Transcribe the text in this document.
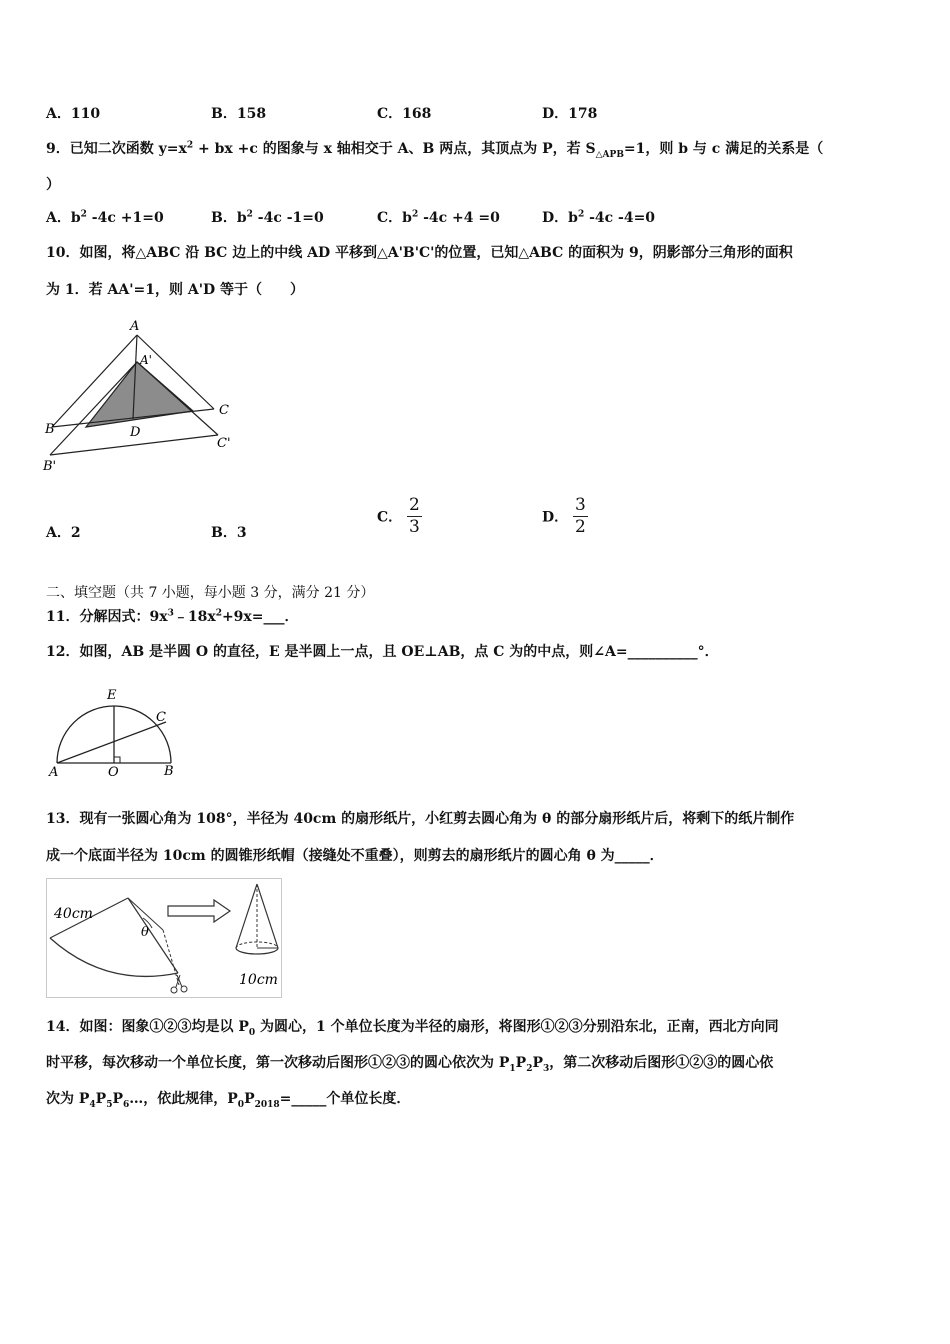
A．110	B．158	C．168	D．178
9．已知二次函数 $y=x^2$ + bx +c 的图象与 x 轴相交于 A、B 两点，其顶点为 P，若 $S_{\triangle APB}=1$，则 b 与 c 满足的关系是（
）
A．$b^2$ -4c +1=0	B．$b^2$ -4c -1=0	C．$b^2$ -4c +4 =0	D．$b^2$ -4c -4=0
10．如图，将△ABC 沿 BC 边上的中线 AD 平移到△A'B'C'的位置，已知△ABC 的面积为 9，阴影部分三角形的面积
为 1．若 AA'=1，则 A'D 等于（　　）
A
A'
B
C
D
B'
C'
A．2	B．3
C． $\frac{2}{3}$	D． $\frac{3}{2}$
二、填空题（共 7 小题，每小题 3 分，满分 21 分）
11．分解因式：$9x^3﹣18x^2+9x=\_\_\_$．
12．如图，AB 是半圆 O 的直径，E 是半圆上一点，且 OE⊥AB，点 C 为的中点，则∠A=__________°．
E
C
A	O	B
13．现有一张圆心角为 108°，半径为 40cm 的扇形纸片，小红剪去圆心角为 θ 的部分扇形纸片后，将剩下的纸片制作
成一个底面半径为 10cm 的圆锥形纸帽（接缝处不重叠），则剪去的扇形纸片的圆心角 θ 为_____．
40cm
θ
10cm
14．如图：图象①②③均是以 $P_0$ 为圆心，1 个单位长度为半径的扇形，将图形①②③分别沿东北，正南，西北方向同
时平移，每次移动一个单位长度，第一次移动后图形①②③的圆心依次为 $P_1P_2P_3$，第二次移动后图形①②③的圆心依
次为 $P_4P_5P_6\dots$，依此规律，$P_0P_{2018}=\_\_\_\_\_$个单位长度．
